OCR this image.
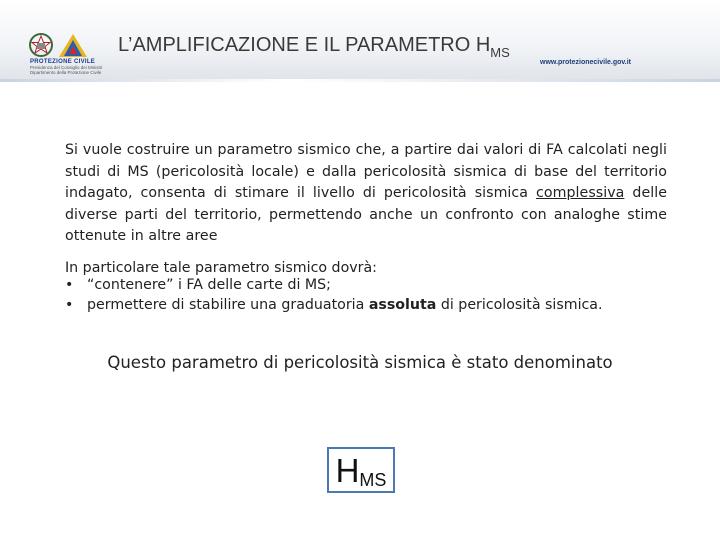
PROTEZIONE CIVILE
Presidenza del Consiglio dei Ministri
Dipartimento della Protezione Civile
L’AMPLIFICAZIONE E IL PARAMETRO $H_{MS}$
www.protezionecivile.gov.it

Si vuole costruire un parametro sismico che, a partire dai valori di FA calcolati negli studi di MS (pericolosità locale) e dalla pericolosità sismica di base del territorio indagato, consenta di stimare il livello di pericolosità sismica complessiva delle diverse parti del territorio, permettendo anche un confronto con analoghe stime ottenute in altre aree

In particolare tale parametro sismico dovrà:

• “contenere” i FA delle carte di MS;
• permettere di stabilire una graduatoria assoluta di pericolosità sismica.

Questo parametro di pericolosità sismica è stato denominato

$H_{MS}$
